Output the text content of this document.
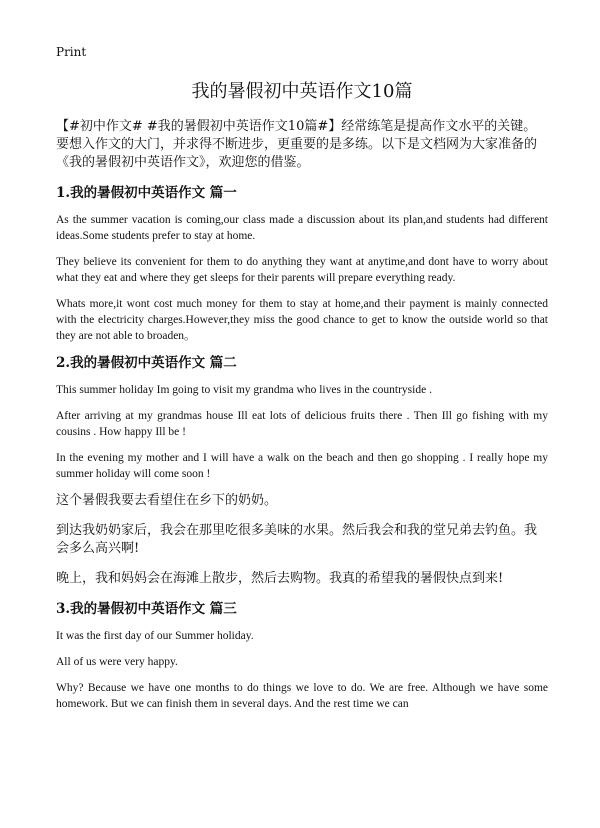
Print
我的暑假初中英语作文10篇

【#初中作文# #我的暑假初中英语作文10篇#】经常练笔是提高作文水平的关键。要想入作文的大门，并求得不断进步，更重要的是多练。以下是文档网为大家准备的《我的暑假初中英语作文》，欢迎您的借鉴。

1.我的暑假初中英语作文 篇一

As the summer vacation is coming,our class made a discussion about its plan,and students had different ideas.Some students prefer to stay at home.

They believe its convenient for them to do anything they want at anytime,and dont have to worry about what they eat and where they get sleeps for their parents will prepare everything ready.

Whats more,it wont cost much money for them to stay at home,and their payment is mainly connected with the electricity charges.However,they miss the good chance to get to know the outside world so that they are not able to broaden。

2.我的暑假初中英语作文 篇二

This summer holiday Im going to visit my grandma who lives in the countryside .

After arriving at my grandmas house Ill eat lots of delicious fruits there . Then Ill go fishing with my cousins . How happy Ill be !

In the evening my mother and I will have a walk on the beach and then go shopping . I really hope my summer holiday will come soon !

这个暑假我要去看望住在乡下的奶奶。

到达我奶奶家后，我会在那里吃很多美味的水果。然后我会和我的堂兄弟去钓鱼。我会多么高兴啊!

晚上，我和妈妈会在海滩上散步，然后去购物。我真的希望我的暑假快点到来!

3.我的暑假初中英语作文 篇三

It was the first day of our Summer holiday.

All of us were very happy.

Why? Because we have one months to do things we love to do. We are free. Although we have some homework. But we can finish them in several days. And the rest time we can
